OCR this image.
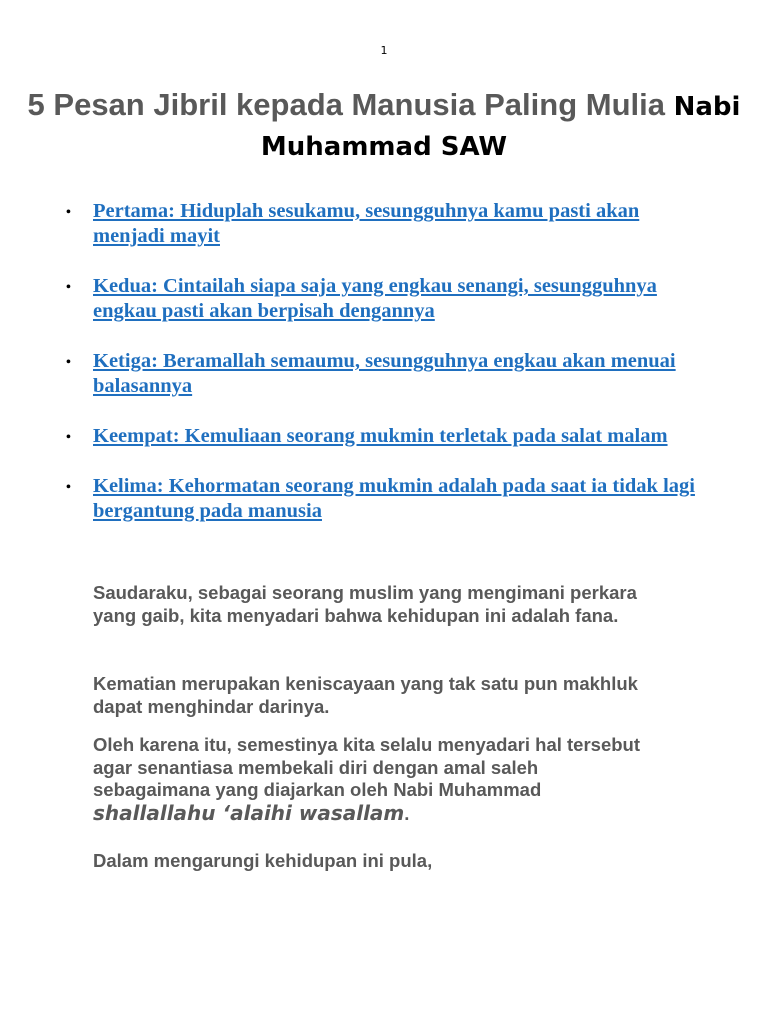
1
5 Pesan Jibril kepada Manusia Paling Mulia Nabi Muhammad SAW
• Pertama: Hiduplah sesukamu, sesungguhnya kamu pasti akan menjadi mayit
• Kedua: Cintailah siapa saja yang engkau senangi, sesungguhnya engkau pasti akan berpisah dengannya
• Ketiga: Beramallah semaumu, sesungguhnya engkau akan menuai balasannya
• Keempat: Kemuliaan seorang mukmin terletak pada salat malam
• Kelima: Kehormatan seorang mukmin adalah pada saat ia tidak lagi bergantung pada manusia

Saudaraku, sebagai seorang muslim yang mengimani perkara yang gaib, kita menyadari bahwa kehidupan ini adalah fana.

Kematian merupakan keniscayaan yang tak satu pun makhluk dapat menghindar darinya.

Oleh karena itu, semestinya kita selalu menyadari hal tersebut agar senantiasa membekali diri dengan amal saleh sebagaimana yang diajarkan oleh Nabi Muhammad shallallahu ‘alaihi wasallam.

Dalam mengarungi kehidupan ini pula,
